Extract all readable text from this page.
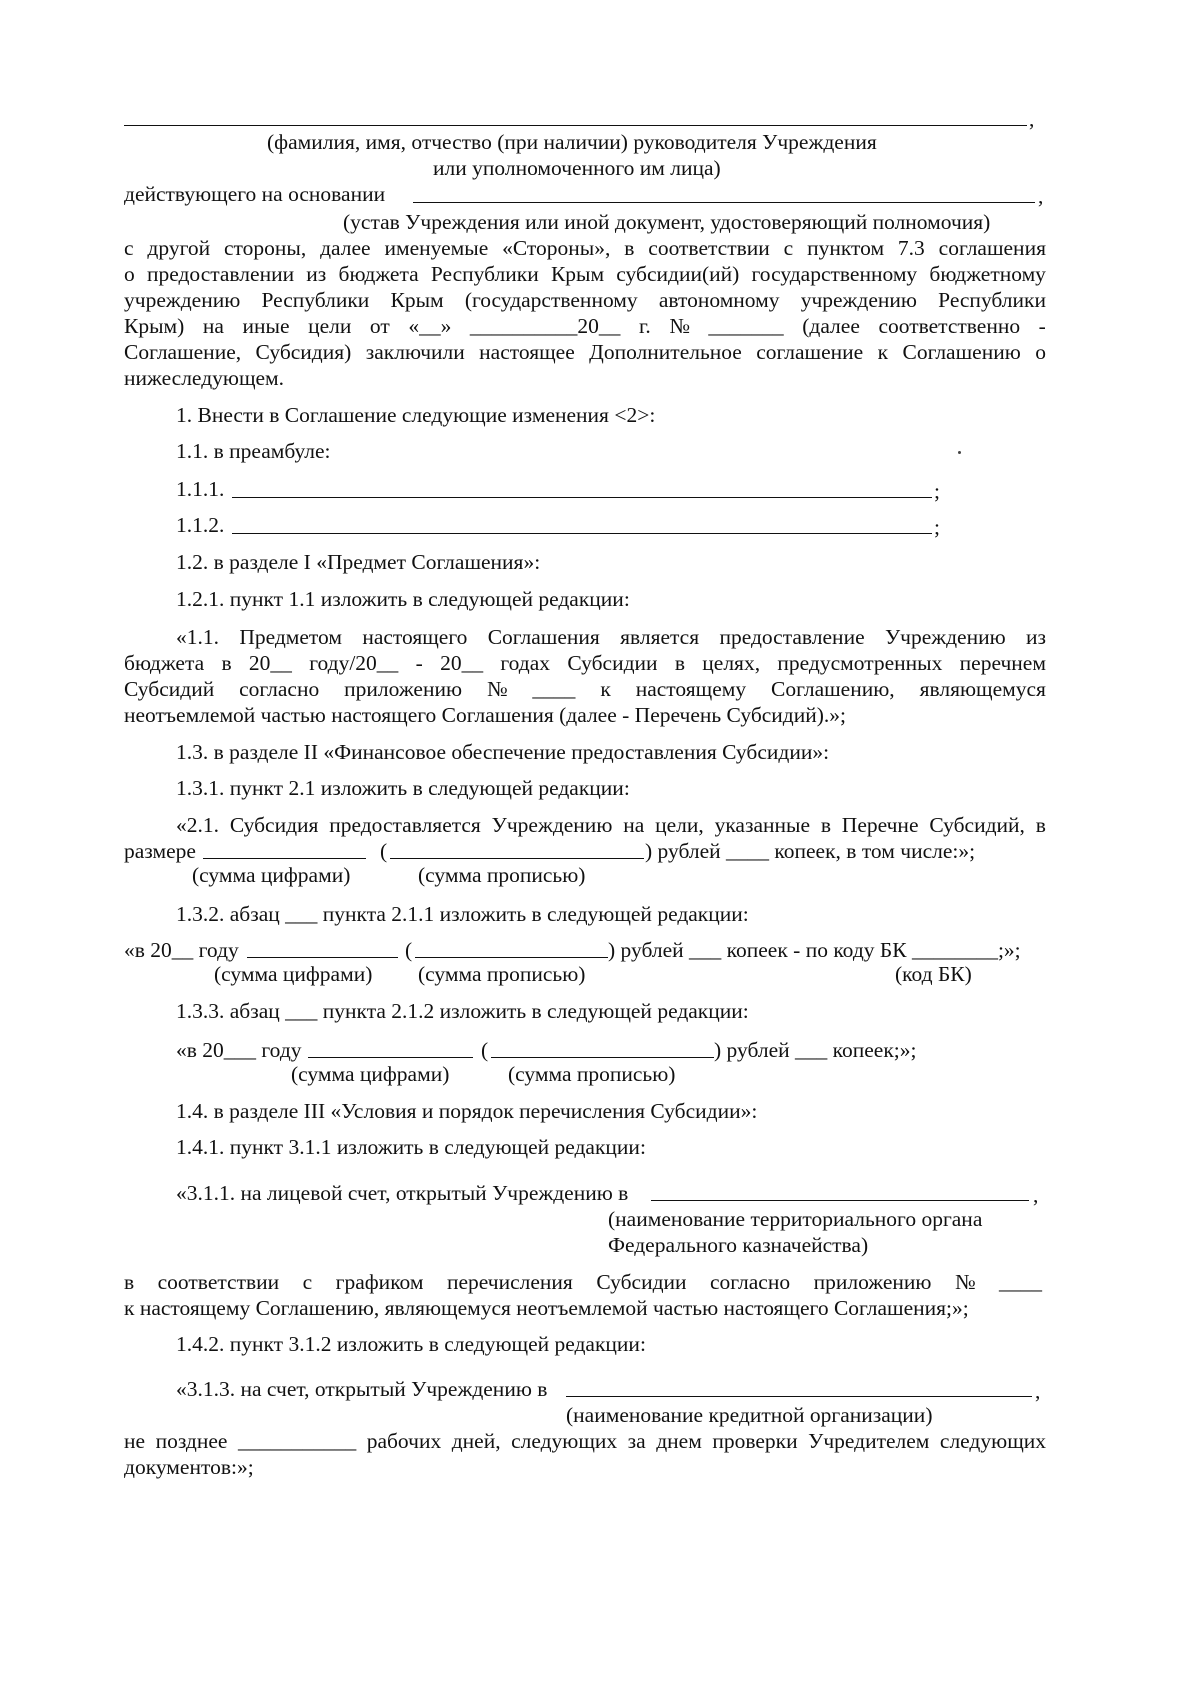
,
(фамилия, имя, отчество (при наличии) руководителя Учреждения
или уполномоченного им лица)
действующего на основании	,
(устав Учреждения или иной документ, удостоверяющий полномочия)
с другой стороны, далее именуемые «Стороны», в соответствии с пунктом 7.3 соглашения
о предоставлении из бюджета Республики Крым субсидии(ий) государственному бюджетному
учреждению Республики Крым (государственному автономному учреждению Республики
Крым) на иные цели от «__» __________20__ г. № _______ (далее соответственно -
Соглашение, Субсидия) заключили настоящее Дополнительное соглашение к Соглашению о
нижеследующем.
1. Внести в Соглашение следующие изменения <2>:
1.1. в преамбуле:
1.1.1.	;
1.1.2.	;
1.2. в разделе I «Предмет Соглашения»:
1.2.1. пункт 1.1 изложить в следующей редакции:
«1.1. Предметом настоящего Соглашения является предоставление Учреждению из
бюджета в 20__ году/20__ - 20__ годах Субсидии в целях, предусмотренных перечнем
Субсидий согласно приложению № ____ к настоящему Соглашению, являющемуся
неотъемлемой частью настоящего Соглашения (далее - Перечень Субсидий).»;
1.3. в разделе II «Финансовое обеспечение предоставления Субсидии»:
1.3.1. пункт 2.1 изложить в следующей редакции:
«2.1. Субсидия предоставляется Учреждению на цели, указанные в Перечне Субсидий, в
размере	(	) рублей ____ копеек, в том числе:»;
(сумма цифрами)	(сумма прописью)
1.3.2. абзац ___ пункта 2.1.1 изложить в следующей редакции:
«в 20__ году	(	) рублей ___ копеек - по коду БК ________;»;
(сумма цифрами) (сумма прописью)	(код БК)
1.3.3. абзац ___ пункта 2.1.2 изложить в следующей редакции:
«в 20___ году	(	) рублей ___ копеек;»;
(сумма цифрами)	(сумма прописью)
1.4. в разделе III «Условия и порядок перечисления Субсидии»:
1.4.1. пункт 3.1.1 изложить в следующей редакции:
«3.1.1. на лицевой счет, открытый Учреждению в	,
(наименование территориального органа
Федерального казначейства)
в соответствии с графиком перечисления Субсидии согласно приложению № ____
к настоящему Соглашению, являющемуся неотъемлемой частью настоящего Соглашения;»;
1.4.2. пункт 3.1.2 изложить в следующей редакции:
«3.1.3. на счет, открытый Учреждению в	,
(наименование кредитной организации)
не позднее ___________ рабочих дней, следующих за днем проверки Учредителем следующих
документов:»;
